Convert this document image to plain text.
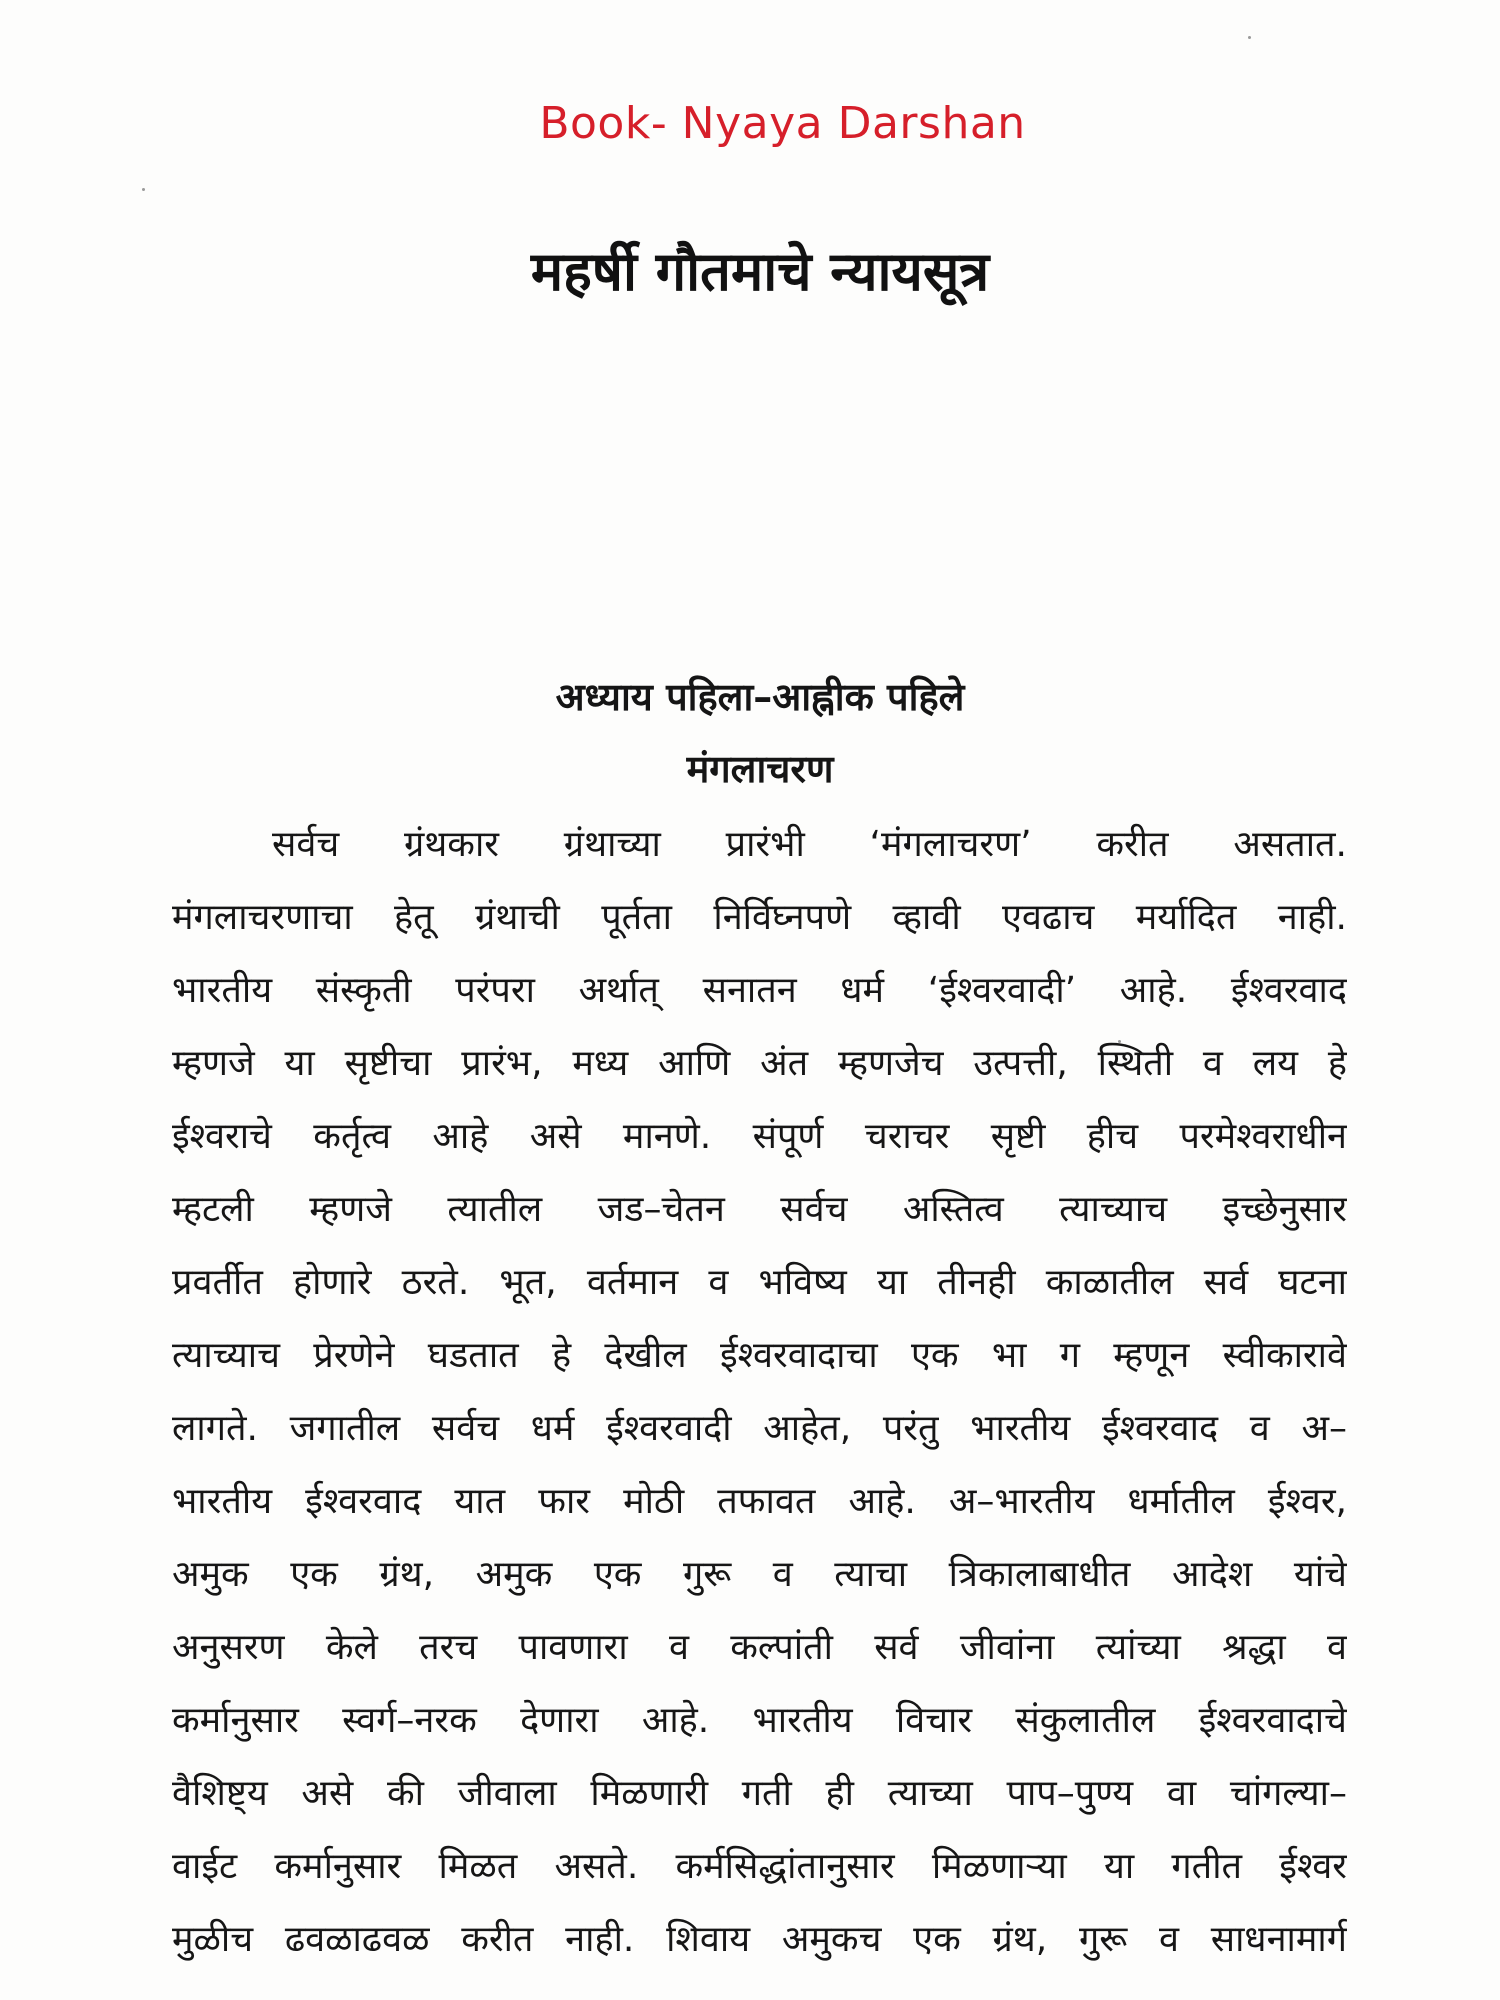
Book- Nyaya Darshan
महर्षी गौतमाचे न्यायसूत्र
अध्याय पहिला–आह्नीक पहिले
मंगलाचरण
सर्वच ग्रंथकार ग्रंथाच्या प्रारंभी ‘मंगलाचरण’ करीत असतात.
मंगलाचरणाचा हेतू ग्रंथाची पूर्तता निर्विघ्नपणे व्हावी एवढाच मर्यादित नाही.
भारतीय संस्कृती परंपरा अर्थात् सनातन धर्म ‘ईश्वरवादी’ आहे. ईश्वरवाद
म्हणजे या सृष्टीचा प्रारंभ, मध्य आणि अंत म्हणजेच उत्पत्ती, स्थिती व लय हे
ईश्वराचे कर्तृत्व आहे असे मानणे. संपूर्ण चराचर सृष्टी हीच परमेश्वराधीन
म्हटली म्हणजे त्यातील जड–चेतन सर्वच अस्तित्व त्याच्याच इच्छेनुसार
प्रवर्तीत होणारे ठरते. भूत, वर्तमान व भविष्य या तीनही काळातील सर्व घटना
त्याच्याच प्रेरणेने घडतात हे देखील ईश्वरवादाचा एक भा ग म्हणून स्वीकारावे
लागते. जगातील सर्वच धर्म ईश्वरवादी आहेत, परंतु भारतीय ईश्वरवाद व अ–
भारतीय ईश्वरवाद यात फार मोठी तफावत आहे. अ–भारतीय धर्मातील ईश्वर,
अमुक एक ग्रंथ, अमुक एक गुरू व त्याचा त्रिकालाबाधीत आदेश यांचे
अनुसरण केले तरच पावणारा व कल्पांती सर्व जीवांना त्यांच्या श्रद्धा व
कर्मानुसार स्वर्ग–नरक देणारा आहे. भारतीय विचार संकुलातील ईश्वरवादाचे
वैशिष्ट्य असे की जीवाला मिळणारी गती ही त्याच्या पाप–पुण्य वा चांगल्या–
वाईट कर्मानुसार मिळत असते. कर्मसिद्धांतानुसार मिळणाऱ्या या गतीत ईश्वर
मुळीच ढवळाढवळ करीत नाही. शिवाय अमुकच एक ग्रंथ, गुरू व साधनामार्ग
